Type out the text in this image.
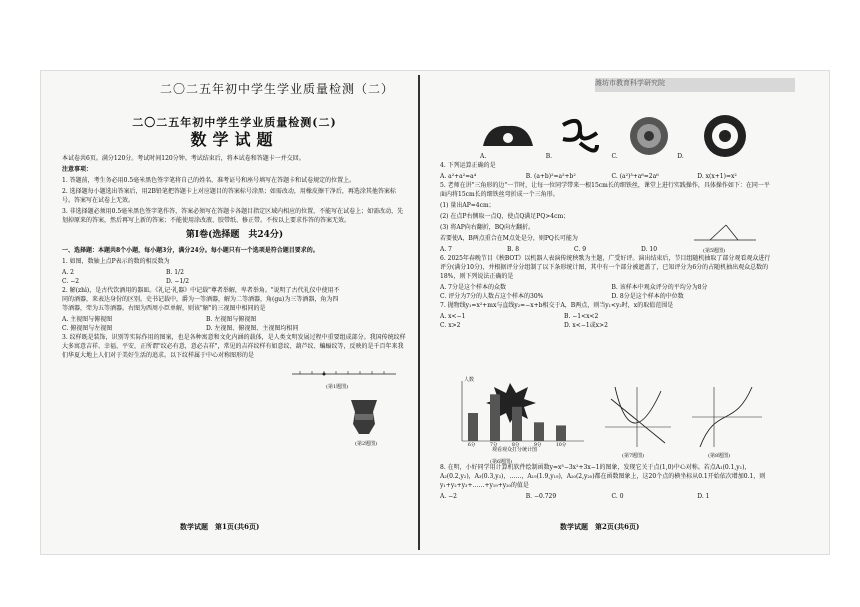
二〇二五年初中学生学业质量检测（二）	潍坊市教育科学研究院
二〇二五年初中学生学业质量检测(二)
数学试题

本试卷共6页。满分120分。考试时间120分钟。考试结束后，将本试卷和答题卡一并交回。

注意事项：

1. 答题前，考生务必用0.5毫米黑色签字笔将自己的姓名、准考证号和座号填写在答题卡和试卷规定的位置上。

2. 选择题每小题选出答案后，用2B铅笔把答题卡上对应题目的答案标号涂黑；如需改动，用橡皮擦干净后，再选涂其他答案标号。答案写在试卷上无效。

3. 非选择题必须用0.5毫米黑色签字笔作答，答案必须写在答题卡各题目指定区域内相应的位置，不能写在试卷上；如需改动，先划掉原来的答案，然后再写上新的答案；不能使用涂改液、胶带纸、修正带。不按以上要求作答的答案无效。

第Ⅰ卷(选择题　共24分)

一、选择题：本题共8个小题，每小题3分，满分24分。每小题只有一个选项是符合题目要求的。

1. 如图，数轴上点P表示的数的相反数为

A. 2	B. 1/2
C. −2	D. −1/2

2. 解(zhì)，是古代饮酒用的器皿。《礼记·礼器》中记载"尊者举解，卑者举角。"说明了古代礼仪中使用不同的酒器，来表达身份的区别。史书记载中，爵为一等酒器，解为二等酒器，角(gu)为三等酒器，角为四等酒器，斝为五等酒器。右图为西周小臣单解，则该"解"的三视图中相同的是

A. 主视图与俯视图	B. 左视图与俯视图
C. 俯视图与左视图	D. 左视图、俯视图、主视图均相同

3. 纹样既是装饰，识别等实际作用的图案，也是各种寓意和文化内涵的载体，是人类文明发展过程中重要组成部分。我国传统纹样大多寓意吉祥、幸福、平安，正所谓"纹必有意，意必吉祥"，常见的吉祥纹样有如意纹、葫芦纹、蝙蝠纹等，反映的是千百年来我们华夏大地上人们对于美好生活的追求。以下纹样属于中心对称图形的是

(第1题图)
(第2题图)
数学试题　第1页(共6页)
A.	B.	C.	D.

4. 下列运算正确的是

A. a²+a²=a⁴	B. (a+b)²=a²+b²	C. (a²)³+a⁶=2a⁶	D. x(x+1)=x²

5. 老师在讲"三角形的边"一节时，让每一位同学带来一根15cm长的细铁丝，课堂上进行实践操作，具体操作如下：在同一平面内将15cm长的细铁丝弯折成一个三角形。

(1) 量出AP=4cm；

(2) 在点P右侧取一点Q，使点Q满足PQ>4cm；

(3) 将AP向右翻折，BQ向左翻折。

若要使A，B两点重合在M点处是分，则PQ长可能为

A. 7	B. 8	C. 9	D. 10

6. 2025年春晚节目《秧BOT》以机器人表演传统秧歌为主题，广受好评。演出结束后，节目组随机抽取了部分观看观众进行评分(满分10分)，并根据评分分组制了以下条形统计图，其中有一个部分被遮盖了，已知评分为6分的占随机抽出观众总数的18%，则下列说法正确的是

A. 7分是这个样本的众数	B. 该样本中观众评分的平均分为8分
C. 评分为7分的人数占这个样本的30%	D. 8分是这个样本的中位数

7. 抛物线y₁=x²+mx与直线y₂=−x+b相交于A，B两点，则当y₁<y₂时，x的取值范围是

A. x<−1	B. −1<x<2
C. x>2	D. x<−1或x>2
(第5题图)
人数
6分	7分	8分	9分	10分
观看观众打分统计图
(第6题图)
(第7题图)	(第8题图)

8. 在明，小好同学用计算机软件绘制函数y=x³−3x²+3x−1的图象，发现它关于点(1,0)中心对称。若点A₁(0.1,y₁)，A₂(0.2,y₂)，A₃(0.3,y₃)，……，A₁₉(1.9,y₁₉)，A₂₀(2,y₂₀)都在函数图象上，这20个点的横坐标从0.1开始依次增加0.1，则y₁+y₂+y₃+……+y₁₉+y₂₀的值是

A. −2	B. −0.729	C. 0	D. 1
数学试题　第2页(共6页)
